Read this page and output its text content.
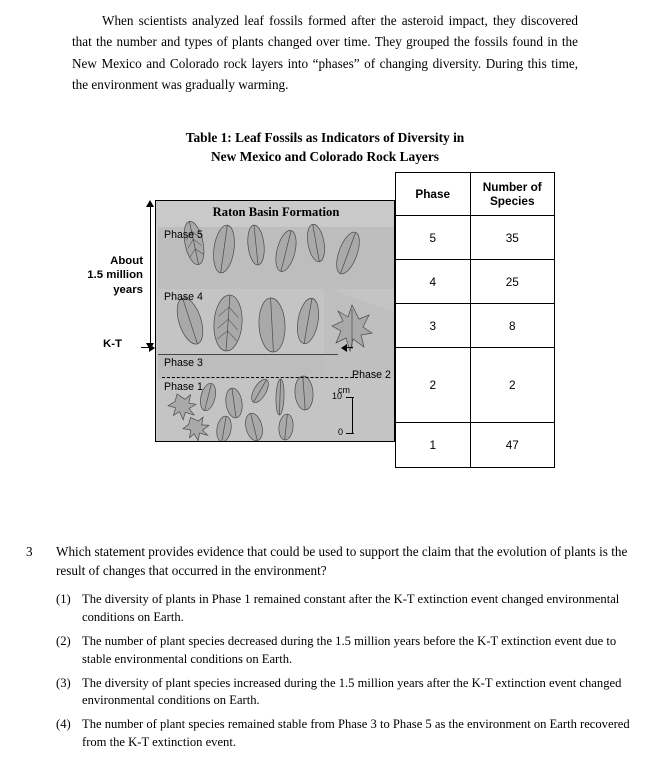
When scientists analyzed leaf fossils formed after the asteroid impact, they discovered that the number and types of plants changed over time. They grouped the fossils found in the New Mexico and Colorado rock layers into “phases” of changing diversity. During this time, the environment was gradually warming.
Table 1: Leaf Fossils as Indicators of Diversity in
New Mexico and Colorado Rock Layers
Raton Basin Formation
Phase 5
Phase 4
Phase 3
Phase 1
Phase 2
cm
10
0
About
1.5 million
years
K-T
Phase	Number of
Species
5	35
4	25
3	8
2	2
1	47
3	Which statement provides evidence that could be used to support the claim that the evolution of plants is the result of changes that occurred in the environment?
(1) The diversity of plants in Phase 1 remained constant after the K-T extinction event changed environmental conditions on Earth.
(2) The number of plant species decreased during the 1.5 million years before the K-T extinction event due to stable environmental conditions on Earth.
(3) The diversity of plant species increased during the 1.5 million years after the K-T extinction event changed environmental conditions on Earth.
(4) The number of plant species remained stable from Phase 3 to Phase 5 as the environment on Earth recovered from the K-T extinction event.
